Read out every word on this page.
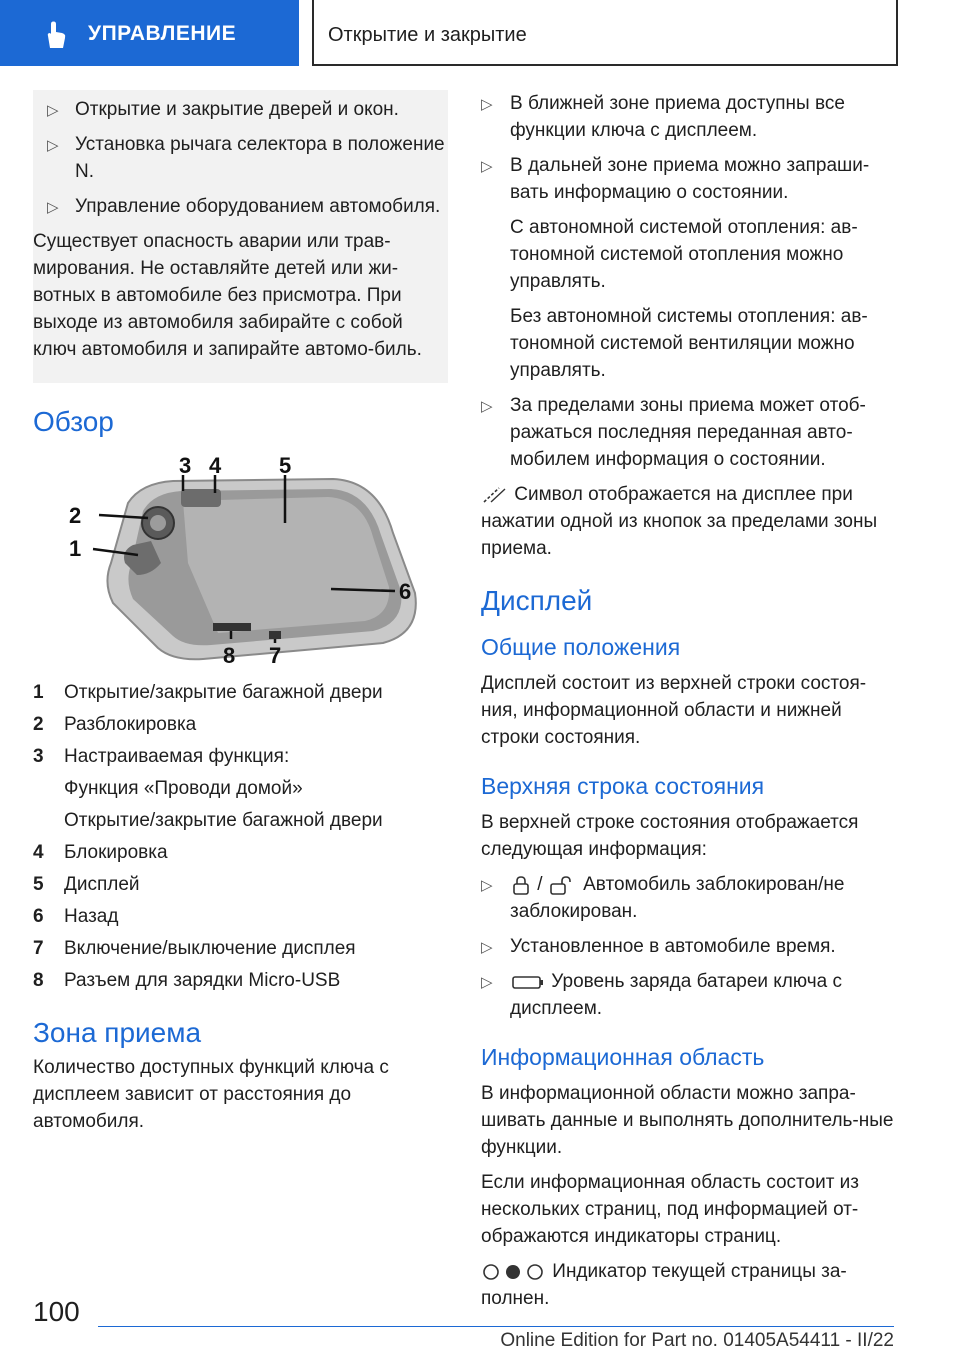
УПРАВЛЕНИЕ	Открытие и закрытие

▷ Открытие и закрытие дверей и окон.

▷ Установка рычага селектора в положение N.

▷ Управление оборудованием автомобиля.

Существует опасность аварии или трав-мирования. Не оставляйте детей или жи-вотных в автомобиле без присмотра. При выходе из автомобиля забирайте с собой ключ автомобиля и запирайте автомо-биль.

Обзор
3 4	5
2
1
6
8 7

1 Открытие/закрытие багажной двери

2 Разблокировка

3 Настраиваемая функция:

Функция «Проводи домой»

Открытие/закрытие багажной двери

4 Блокировка

5 Дисплей

6 Назад

7 Включение/выключение дисплея

8 Разъем для зарядки Micro-USB

Зона приема

Количество доступных функций ключа с дисплеем зависит от расстояния до автомобиля.

▷ В ближней зоне приема доступны все функции ключа с дисплеем.

▷ В дальней зоне приема можно запраши-вать информацию о состоянии.

С автономной системой отопления: ав-тономной системой отопления можно управлять.

Без автономной системы отопления: ав-тономной системой вентиляции можно управлять.

▷ За пределами зоны приема может отоб-ражаться последняя переданная авто-мобилем информация о состоянии.

Символ отображается на дисплее при нажатии одной из кнопок за пределами зоны приема.

Дисплей
Общие положения

Дисплей состоит из верхней строки состоя-ния, информационной области и нижней строки состояния.

Верхняя строка состояния

В верхней строке состояния отображается следующая информация:

▷ / Автомобиль заблокирован/не заблокирован.

▷ Установленное в автомобиле время.

▷	Уровень заряда батареи ключа с дисплеем.

Информационная область

В информационной области можно запра-шивать данные и выполнять дополнитель-ные функции.

Если информационная область состоит из нескольких страниц, под информацией от-ображаются индикаторы страниц.

Индикатор текущей страницы за-полнен.

100
Online Edition for Part no. 01405A54411 - II/22
